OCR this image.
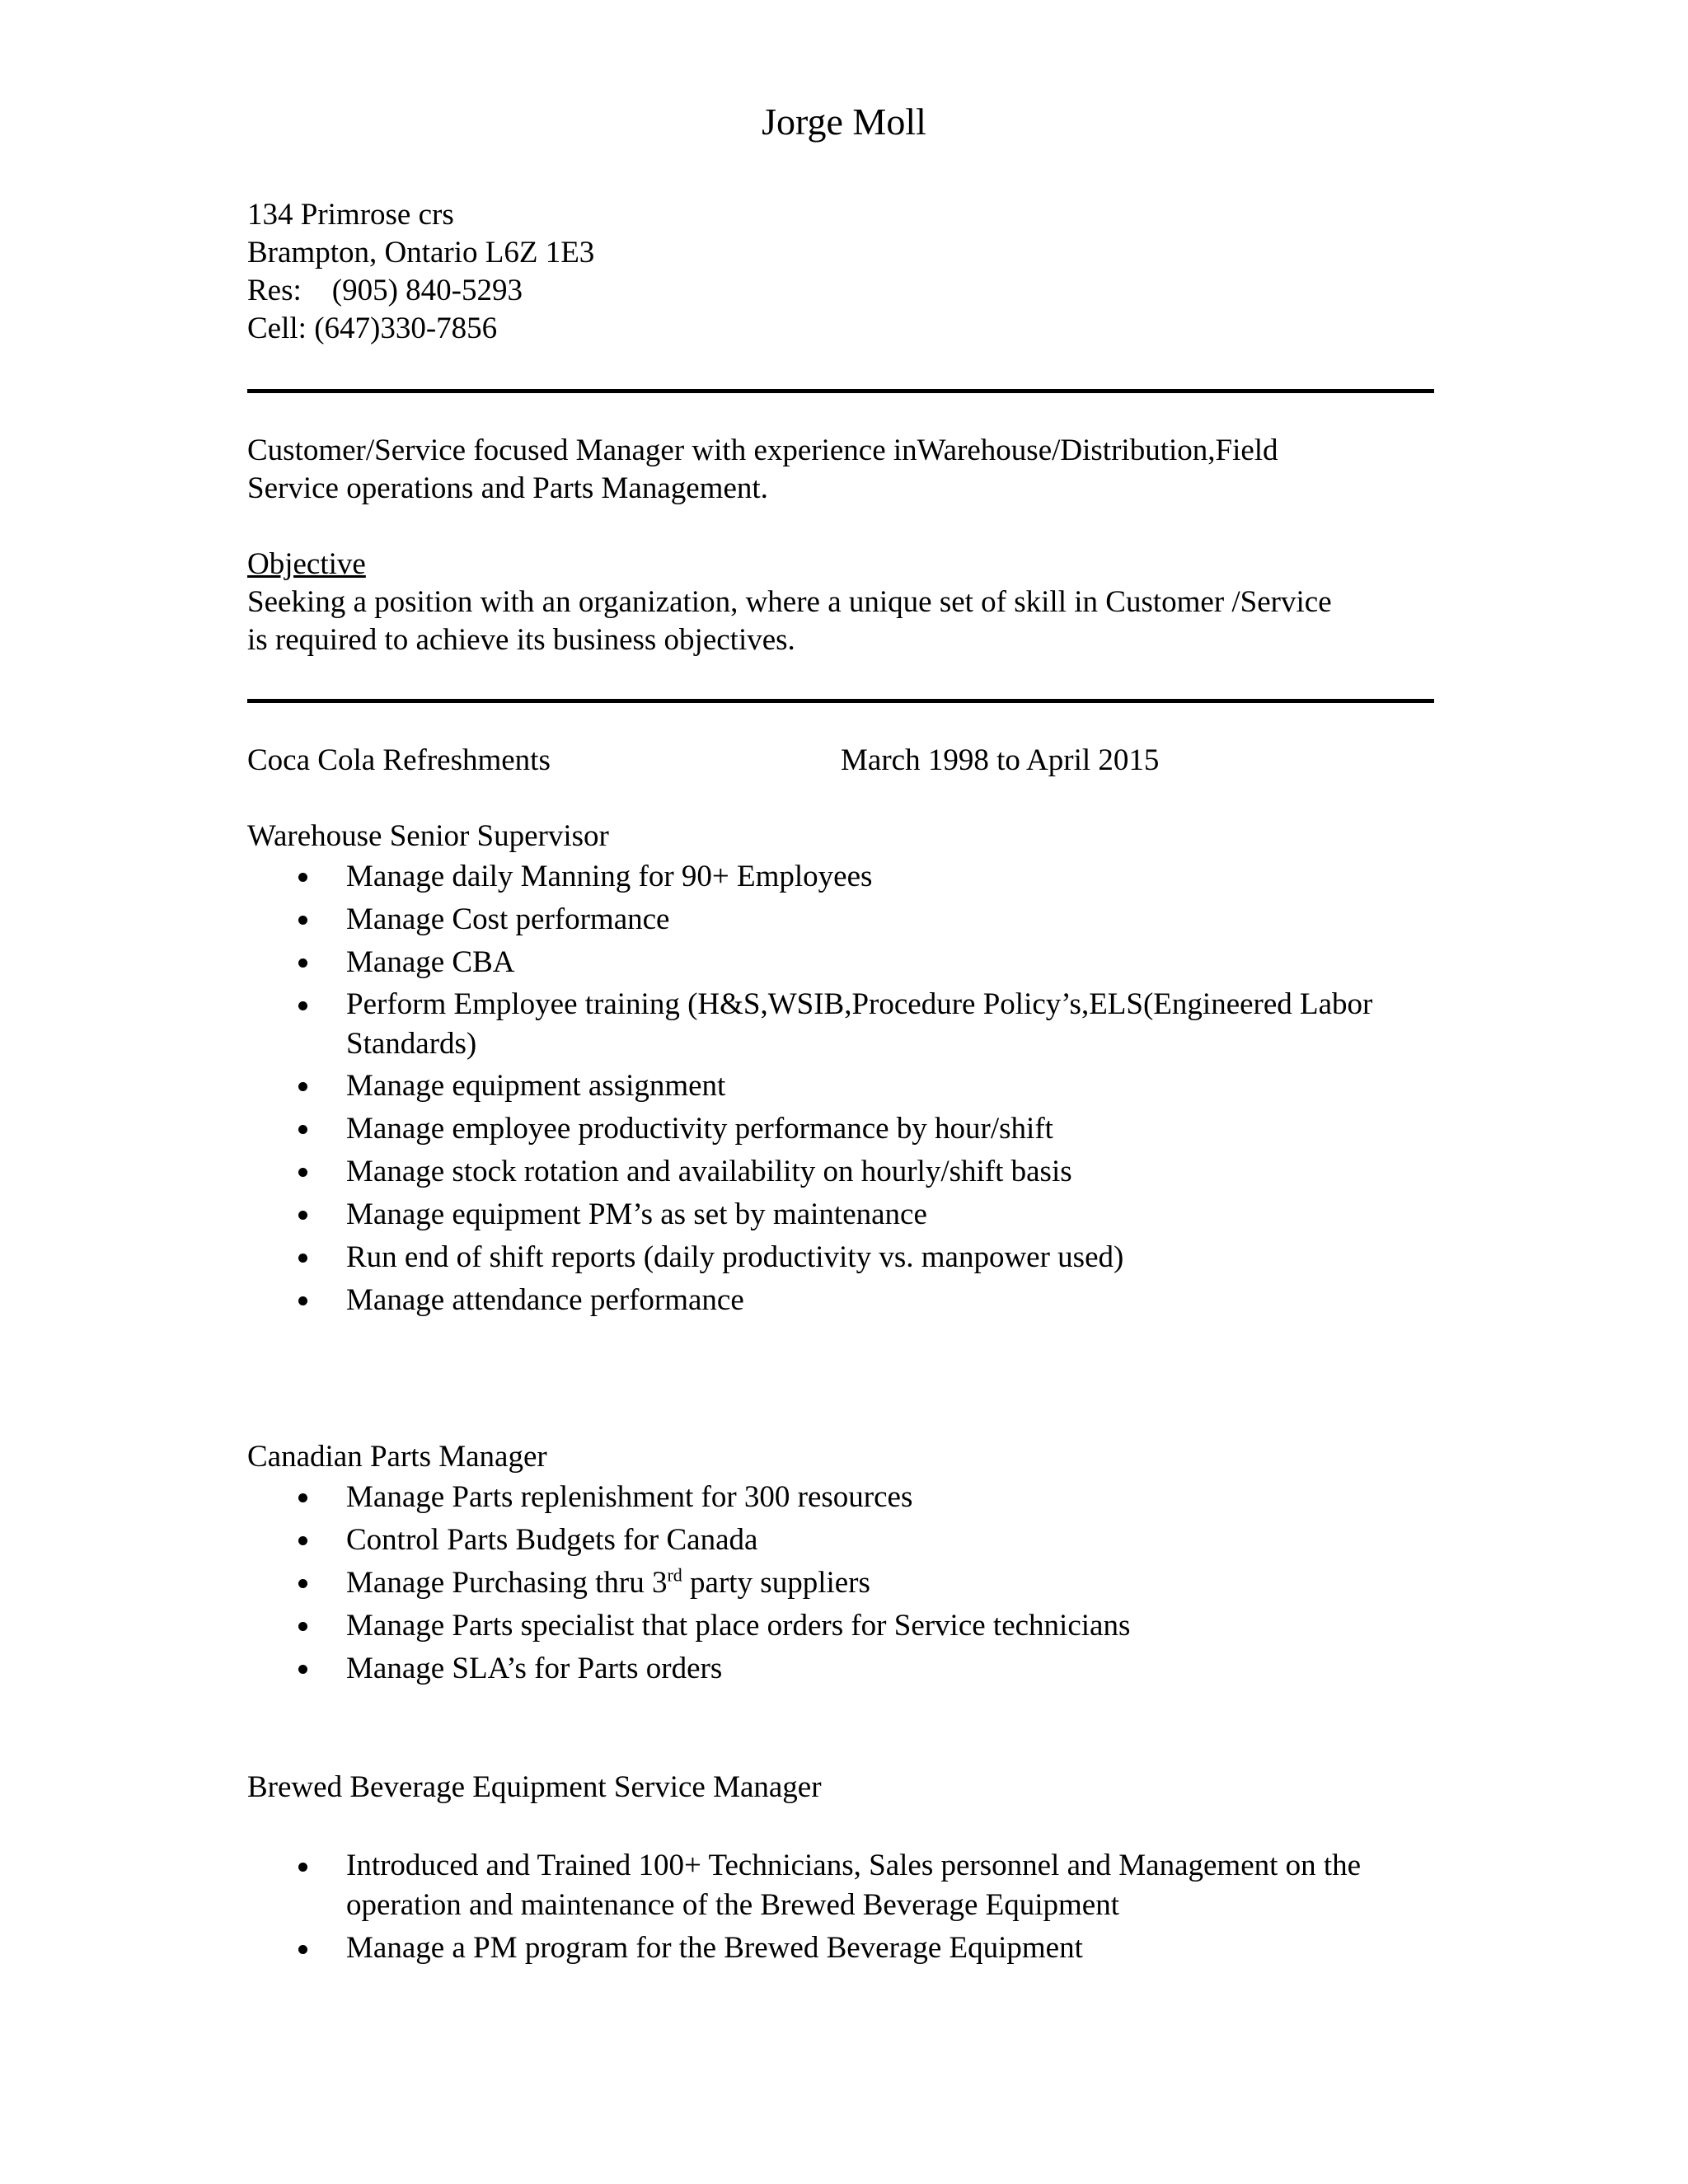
Jorge Moll
134 Primrose crs
Brampton, Ontario L6Z 1E3
Res:    (905) 840-5293
Cell: (647)330-7856
Customer/Service focused Manager with experience inWarehouse/Distribution,Field
Service operations and Parts Management.
Objective
Seeking a position with an organization, where a unique set of skill in Customer /Service
is required to achieve its business objectives.
Coca Cola Refreshments	March 1998 to April 2015
Warehouse Senior Supervisor
Manage daily Manning for 90+ Employees
Manage Cost performance
Manage CBA
Perform Employee training (H&S,WSIB,Procedure Policy’s,ELS(Engineered Labor Standards)
Manage equipment assignment
Manage employee productivity performance by hour/shift
Manage stock rotation and availability on hourly/shift basis
Manage equipment PM’s as set by maintenance
Run end of shift reports (daily productivity vs. manpower used)
Manage attendance performance
Canadian Parts Manager
Manage Parts replenishment for 300 resources
Control Parts Budgets for Canada
Manage Purchasing thru 3rd party suppliers
Manage Parts specialist that place orders for Service technicians
Manage SLA’s for Parts orders
Brewed Beverage Equipment Service Manager
Introduced and Trained 100+ Technicians, Sales personnel and Management on the operation and maintenance of the Brewed Beverage Equipment
Manage a PM program for the Brewed Beverage Equipment
